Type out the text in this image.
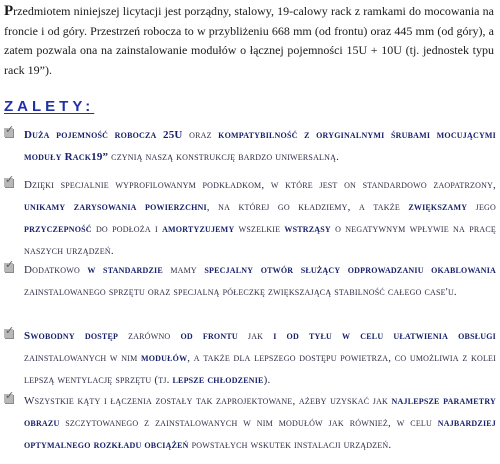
Przedmiotem niniejszej licytacji jest porządny, stalowy, 19-calowy rack z ramkami do mocowania na froncie i od góry. Przestrzeń robocza to w przybliżeniu 668 mm (od frontu) oraz 445 mm (od góry), a zatem pozwala ona na zainstalowanie modułów o łącznej pojemności 15U + 10U (tj. jednostek typu rack 19”).
ZALETY:
✓
Duża pojemność robocza 25U oraz kompatybilność z oryginalnymi śrubami mocującymi moduły Rack19” czynią naszą konstrukcję bardzo uniwersalną.
✓
Dzięki specjalnie wyprofilowanym podkładkom, w które jest on standardowo zaopatrzony, unikamy zarysowania powierzchni, na której go kładziemy, a także zwiększamy jego przyczepność do podłoża i amortyzujemy wszelkie wstrząsy o negatywnym wpływie na pracę naszych urządzeń.
✓
Dodatkowo w standardzie mamy specjalny otwór służący odprowadzaniu okablowania zainstalowanego sprzętu oraz specjalną półeczkę zwiększającą stabilność całego case'u.
✓
Swobodny dostęp zarówno od frontu jak i od tyłu w celu ułatwienia obsługi zainstalowanych w nim modułów, a także dla lepszego dostępu powietrza, co umożliwia z kolei lepszą wentylację sprzętu (tj. lepsze chłodzenie).
✓
Wszystkie kąty i łączenia zostały tak zaprojektowane, ażeby uzyskać jak najlepsze parametry obrazu szczytowanego z zainstalowanych w nim modułów jak również, w celu najbardziej optymalnego rozkładu obciążeń powstałych wskutek instalacji urządzeń.
